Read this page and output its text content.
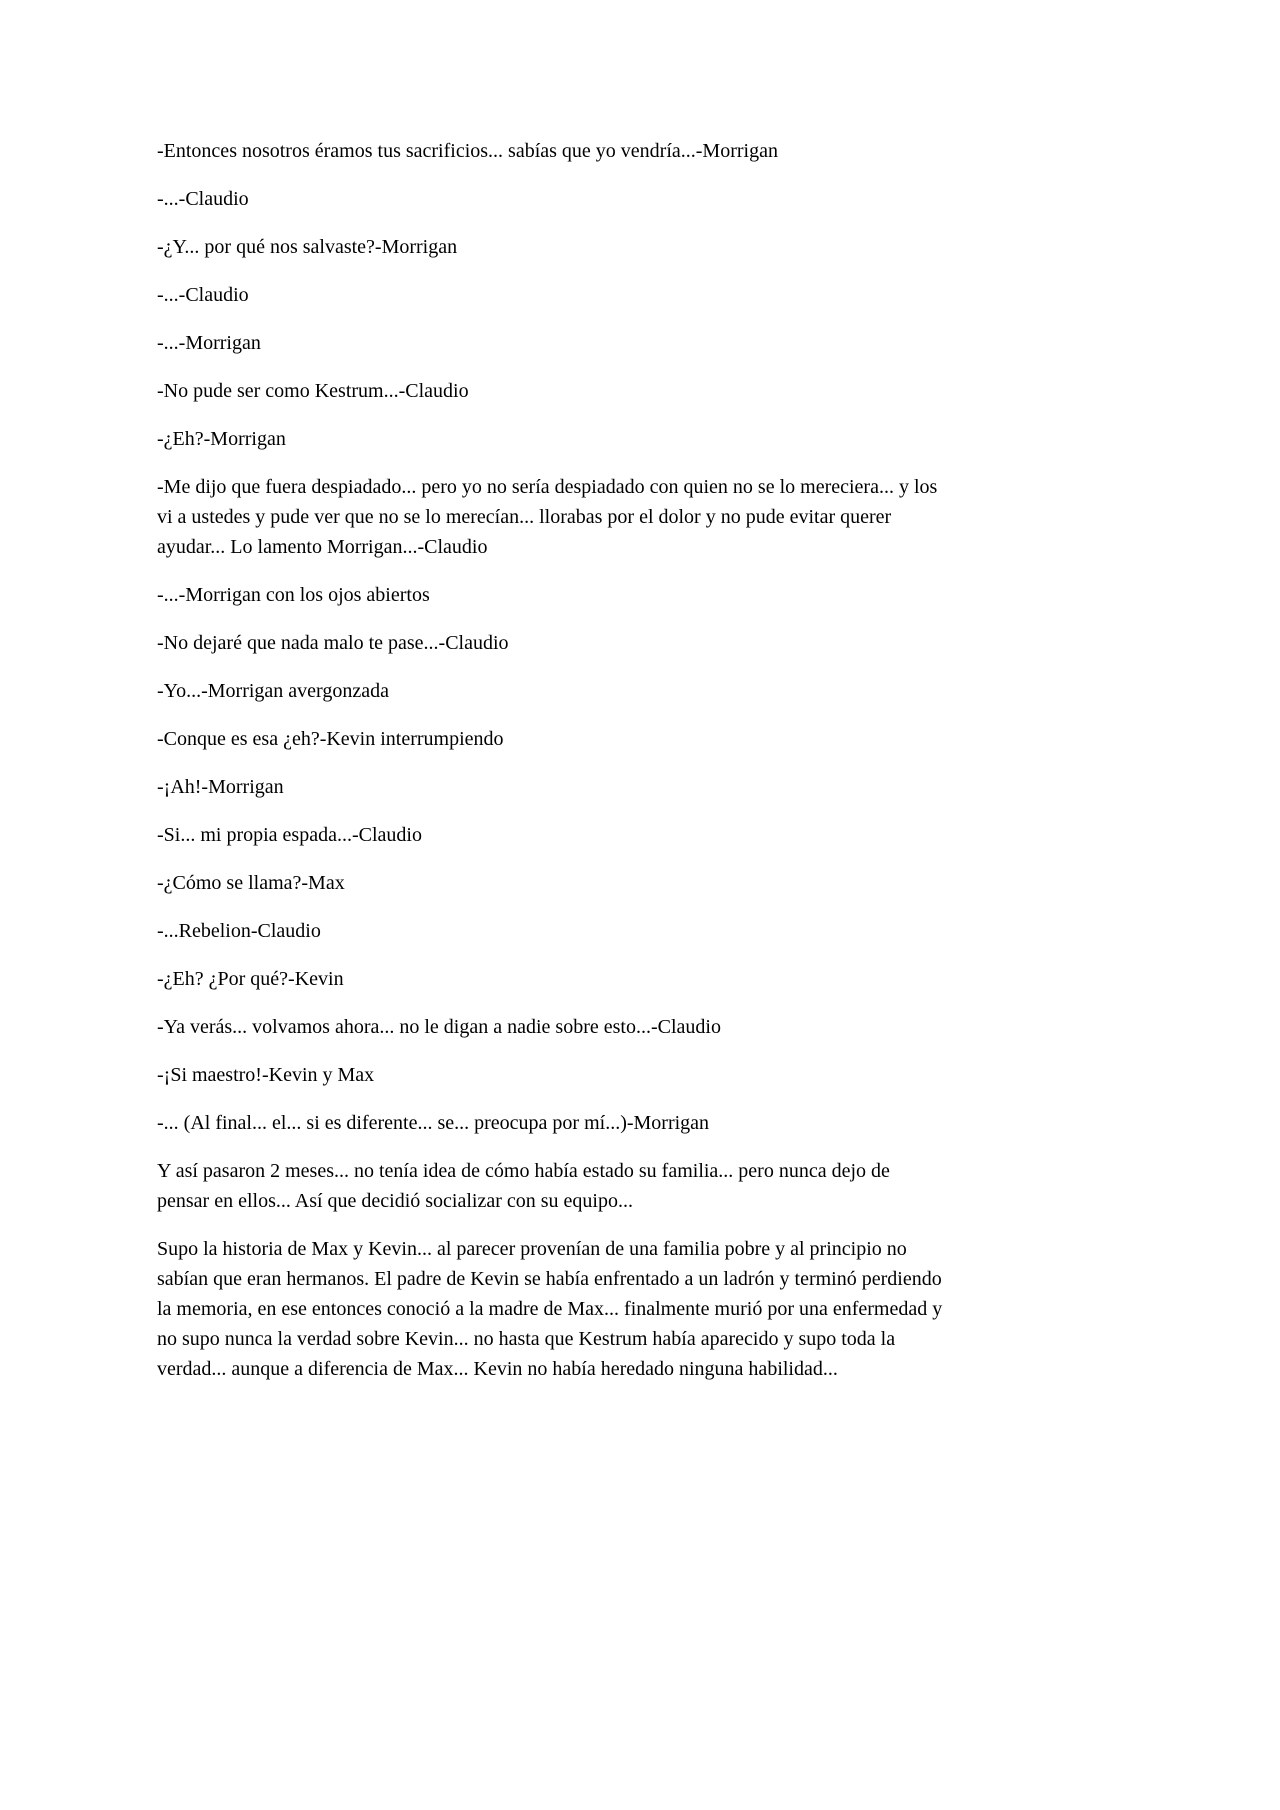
-Entonces nosotros éramos tus sacrificios... sabías que yo vendría...-Morrigan

-...-Claudio

-¿Y... por qué nos salvaste?-Morrigan

-...-Claudio

-...-Morrigan

-No pude ser como Kestrum...-Claudio

-¿Eh?-Morrigan

-Me dijo que fuera despiadado... pero yo no sería despiadado con quien no se lo mereciera... y los vi a ustedes y pude ver que no se lo merecían... llorabas por el dolor y no pude evitar querer ayudar... Lo lamento Morrigan...-Claudio

-...-Morrigan con los ojos abiertos

-No dejaré que nada malo te pase...-Claudio

-Yo...-Morrigan avergonzada

-Conque es esa ¿eh?-Kevin interrumpiendo

-¡Ah!-Morrigan

-Si... mi propia espada...-Claudio

-¿Cómo se llama?-Max

-...Rebelion-Claudio

-¿Eh? ¿Por qué?-Kevin

-Ya verás... volvamos ahora... no le digan a nadie sobre esto...-Claudio

-¡Si maestro!-Kevin y Max

-... (Al final... el... si es diferente... se... preocupa por mí...)-Morrigan

Y así pasaron 2 meses... no tenía idea de cómo había estado su familia... pero nunca dejo de pensar en ellos... Así que decidió socializar con su equipo...

Supo la historia de Max y Kevin... al parecer provenían de una familia pobre y al principio no sabían que eran hermanos. El padre de Kevin se había enfrentado a un ladrón y terminó perdiendo la memoria, en ese entonces conoció a la madre de Max... finalmente murió por una enfermedad y no supo nunca la verdad sobre Kevin... no hasta que Kestrum había aparecido y supo toda la verdad... aunque a diferencia de Max... Kevin no había heredado ninguna habilidad...
